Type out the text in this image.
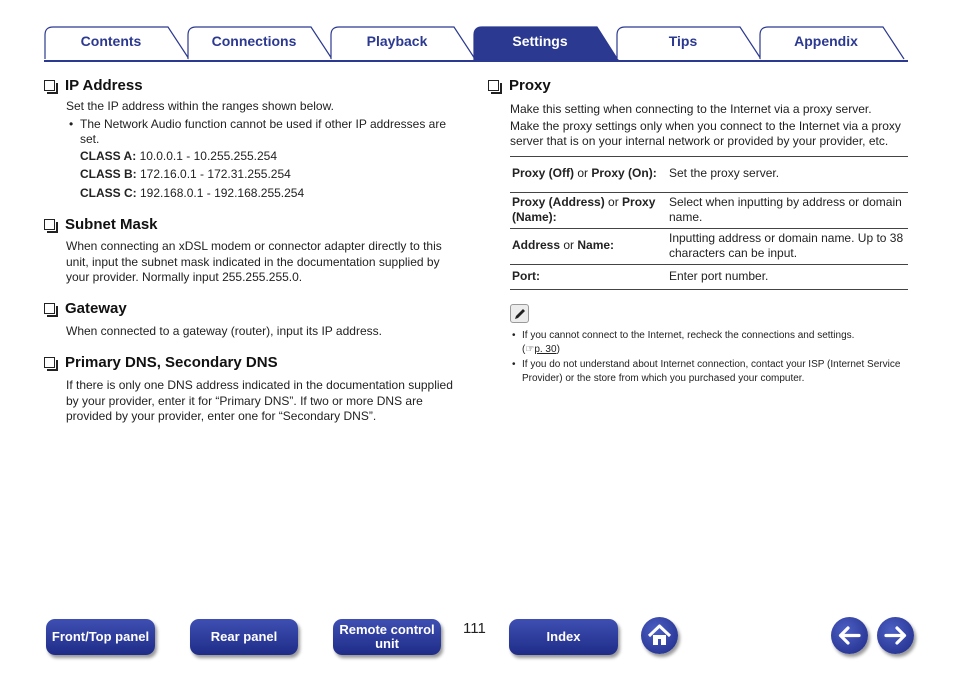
Contents	Connections	Playback	Settings	Tips	Appendix
IP Address
Set the IP address within the ranges shown below.
• The Network Audio function cannot be used if other IP addresses are set.
CLASS A: 10.0.0.1 - 10.255.255.254
CLASS B: 172.16.0.1 - 172.31.255.254
CLASS C: 192.168.0.1 - 192.168.255.254
Subnet Mask
When connecting an xDSL modem or connector adapter directly to this unit, input the subnet mask indicated in the documentation supplied by your provider. Normally input 255.255.255.0.
Gateway
When connected to a gateway (router), input its IP address.
Primary DNS, Secondary DNS
If there is only one DNS address indicated in the documentation supplied by your provider, enter it for “Primary DNS”. If two or more DNS are provided by your provider, enter one for “Secondary DNS”.
Proxy
Make this setting when connecting to the Internet via a proxy server.
Make the proxy settings only when you connect to the Internet via a proxy server that is on your internal network or provided by your provider, etc.
Proxy (Off) or Proxy (On):	Set the proxy server.
Proxy (Address) or Proxy (Name):	Select when inputting by address or domain name.
Address or Name:	Inputting address or domain name. Up to 38 characters can be input.
Port:	Enter port number.
• If you cannot connect to the Internet, recheck the connections and settings.
(☞p. 30)
• If you do not understand about Internet connection, contact your ISP (Internet Service Provider) or the store from which you purchased your computer.
Front/Top panel	Rear panel	Remote control unit
111	Index
